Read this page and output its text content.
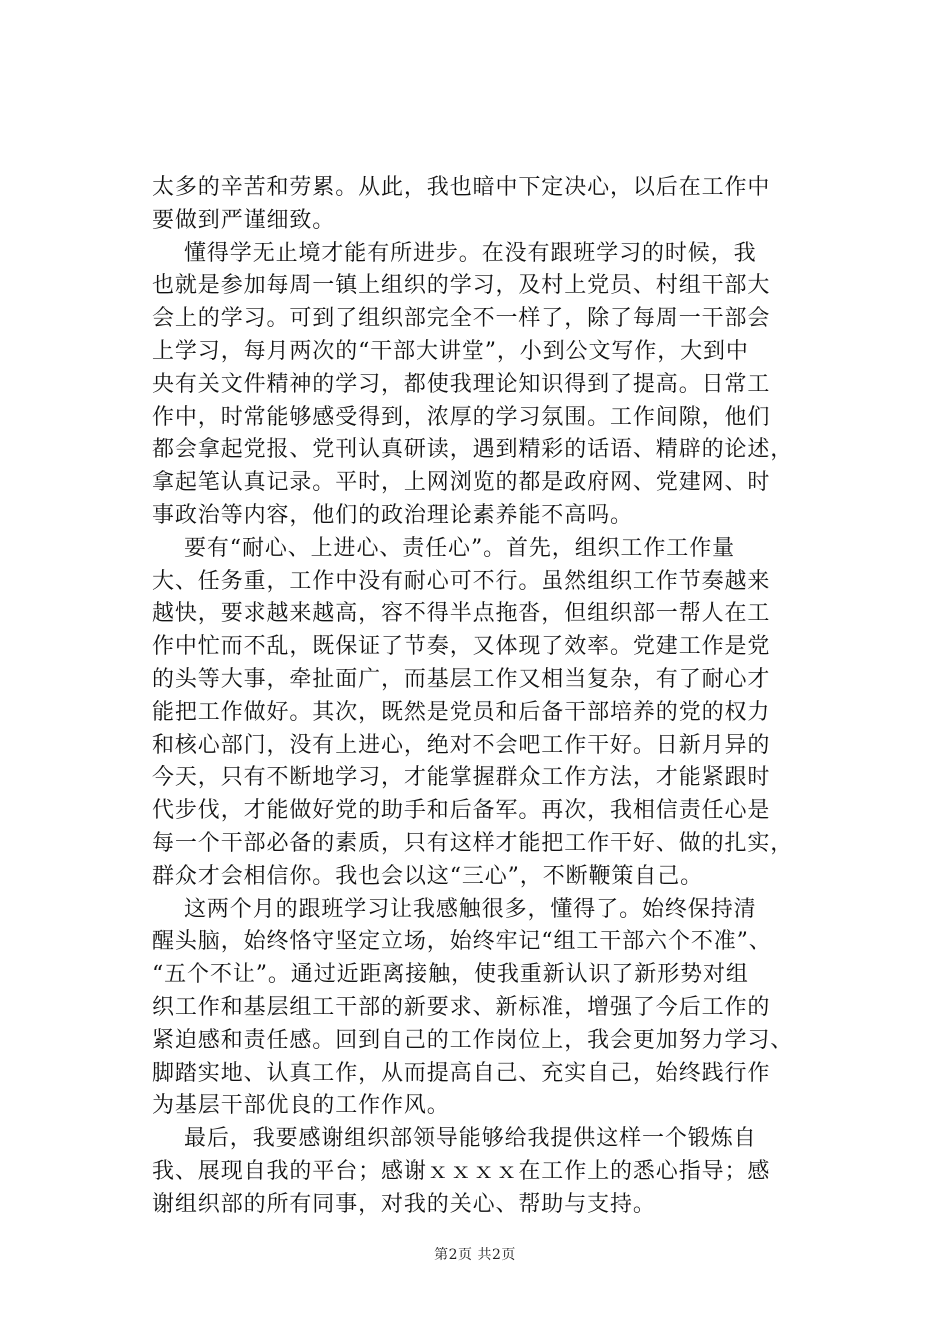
太多的辛苦和劳累。从此，我也暗中下定决心，以后在工作中
要做到严谨细致。
懂得学无止境才能有所进步。在没有跟班学习的时候，我
也就是参加每周一镇上组织的学习，及村上党员、村组干部大
会上的学习。可到了组织部完全不一样了，除了每周一干部会
上学习，每月两次的“干部大讲堂”，小到公文写作，大到中
央有关文件精神的学习，都使我理论知识得到了提高。日常工
作中，时常能够感受得到，浓厚的学习氛围。工作间隙，他们
都会拿起党报、党刊认真研读，遇到精彩的话语、精辟的论述，
拿起笔认真记录。平时，上网浏览的都是政府网、党建网、时
事政治等内容，他们的政治理论素养能不高吗。
要有“耐心、上进心、责任心”。首先，组织工作工作量
大、任务重，工作中没有耐心可不行。虽然组织工作节奏越来
越快，要求越来越高，容不得半点拖沓，但组织部一帮人在工
作中忙而不乱，既保证了节奏，又体现了效率。党建工作是党
的头等大事，牵扯面广，而基层工作又相当复杂，有了耐心才
能把工作做好。其次，既然是党员和后备干部培养的党的权力
和核心部门，没有上进心，绝对不会吧工作干好。日新月异的
今天，只有不断地学习，才能掌握群众工作方法，才能紧跟时
代步伐，才能做好党的助手和后备军。再次，我相信责任心是
每一个干部必备的素质，只有这样才能把工作干好、做的扎实，
群众才会相信你。我也会以这“三心”，不断鞭策自己。
这两个月的跟班学习让我感触很多，懂得了。始终保持清
醒头脑，始终恪守坚定立场，始终牢记“组工干部六个不准”、
“五个不让”。通过近距离接触，使我重新认识了新形势对组
织工作和基层组工干部的新要求、新标准，增强了今后工作的
紧迫感和责任感。回到自己的工作岗位上，我会更加努力学习、
脚踏实地、认真工作，从而提高自己、充实自己，始终践行作
为基层干部优良的工作作风。
最后，我要感谢组织部领导能够给我提供这样一个锻炼自
我、展现自我的平台；感谢ｘｘｘｘ在工作上的悉心指导；感
谢组织部的所有同事，对我的关心、帮助与支持。
第2页 共2页
